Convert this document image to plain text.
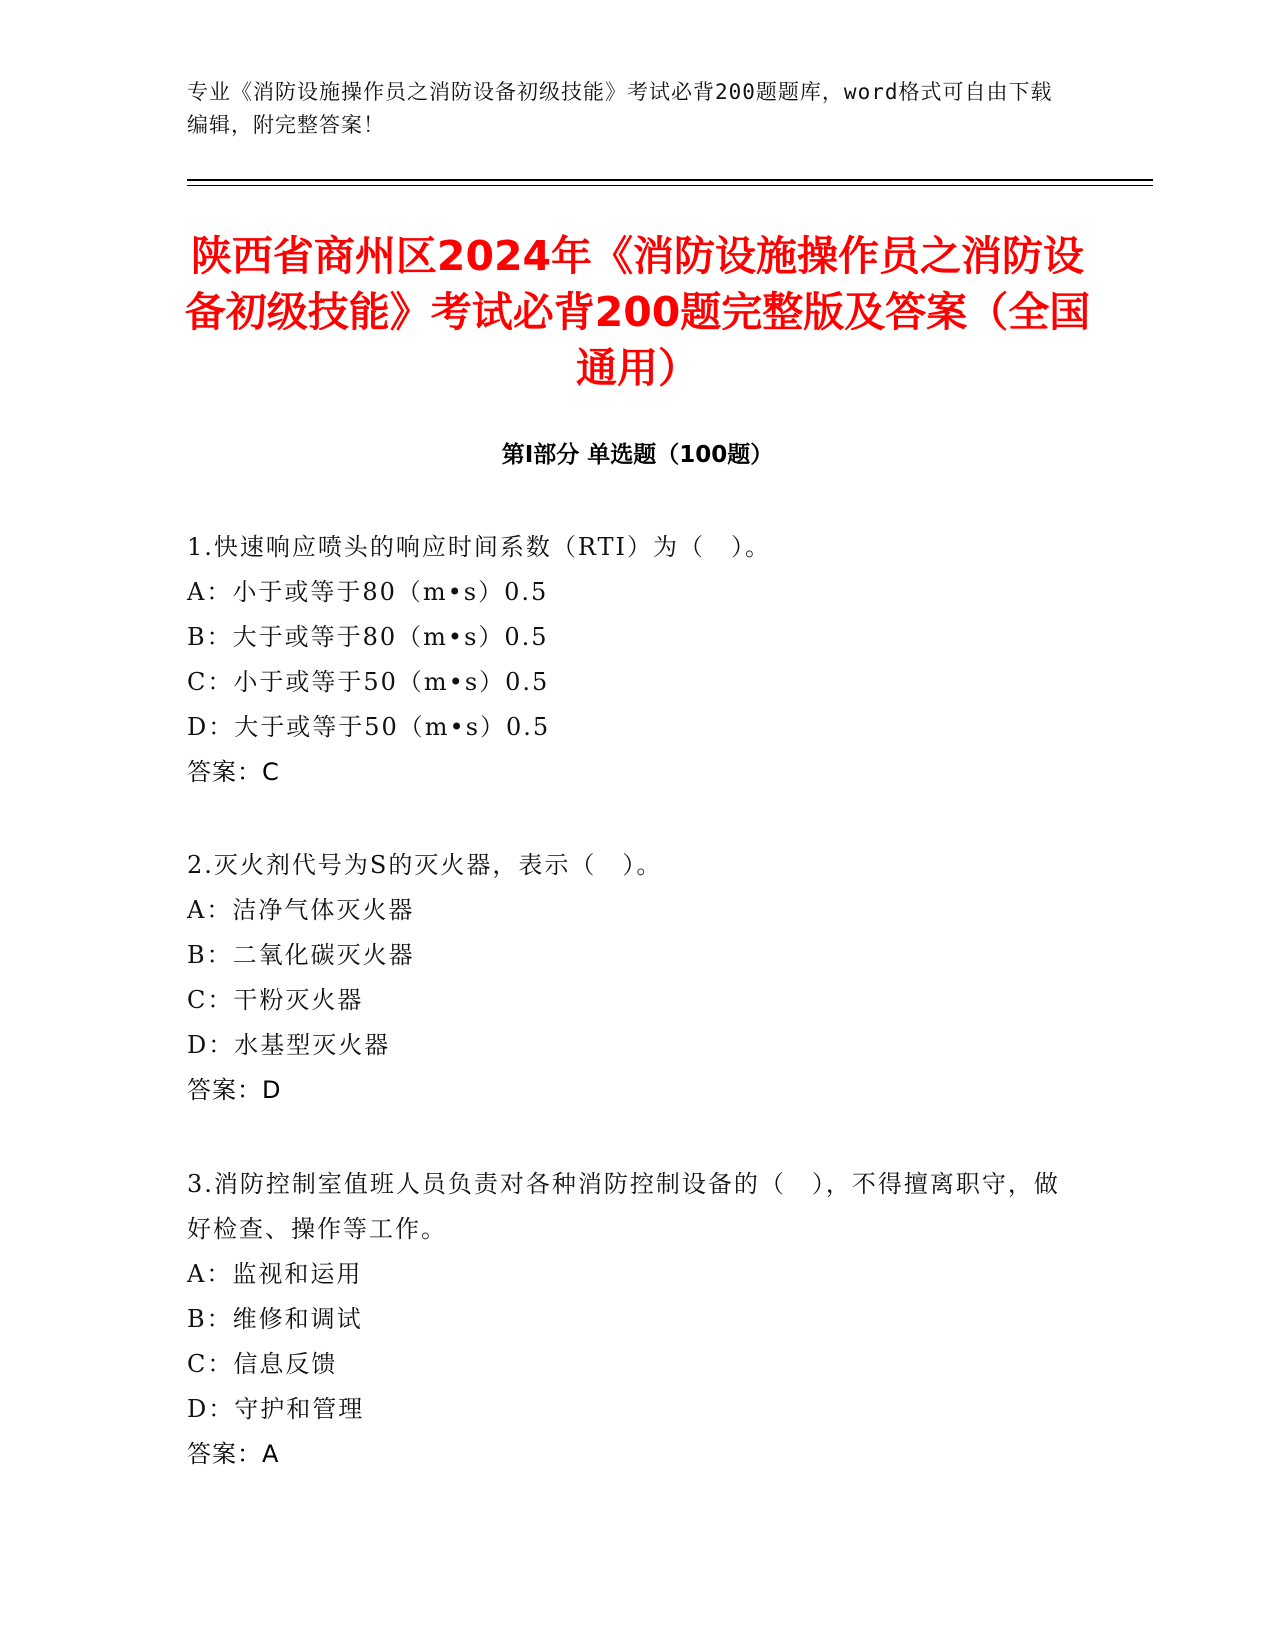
专业《消防设施操作员之消防设备初级技能》考试必背200题题库，word格式可自由下载编辑，附完整答案！
陕西省商州区2024年《消防设施操作员之消防设备初级技能》考试必背200题完整版及答案（全国通用）
第I部分 单选题（100题）
1.快速响应喷头的响应时间系数（RTI）为（　）。
A：小于或等于80（m•s）0.5
B：大于或等于80（m•s）0.5
C：小于或等于50（m•s）0.5
D：大于或等于50（m•s）0.5
答案：C
2.灭火剂代号为S的灭火器，表示（　）。
A：洁净气体灭火器
B：二氧化碳灭火器
C：干粉灭火器
D：水基型灭火器
答案：D
3.消防控制室值班人员负责对各种消防控制设备的（　），不得擅离职守，做好检查、操作等工作。
A：监视和运用
B：维修和调试
C：信息反馈
D：守护和管理
答案：A
